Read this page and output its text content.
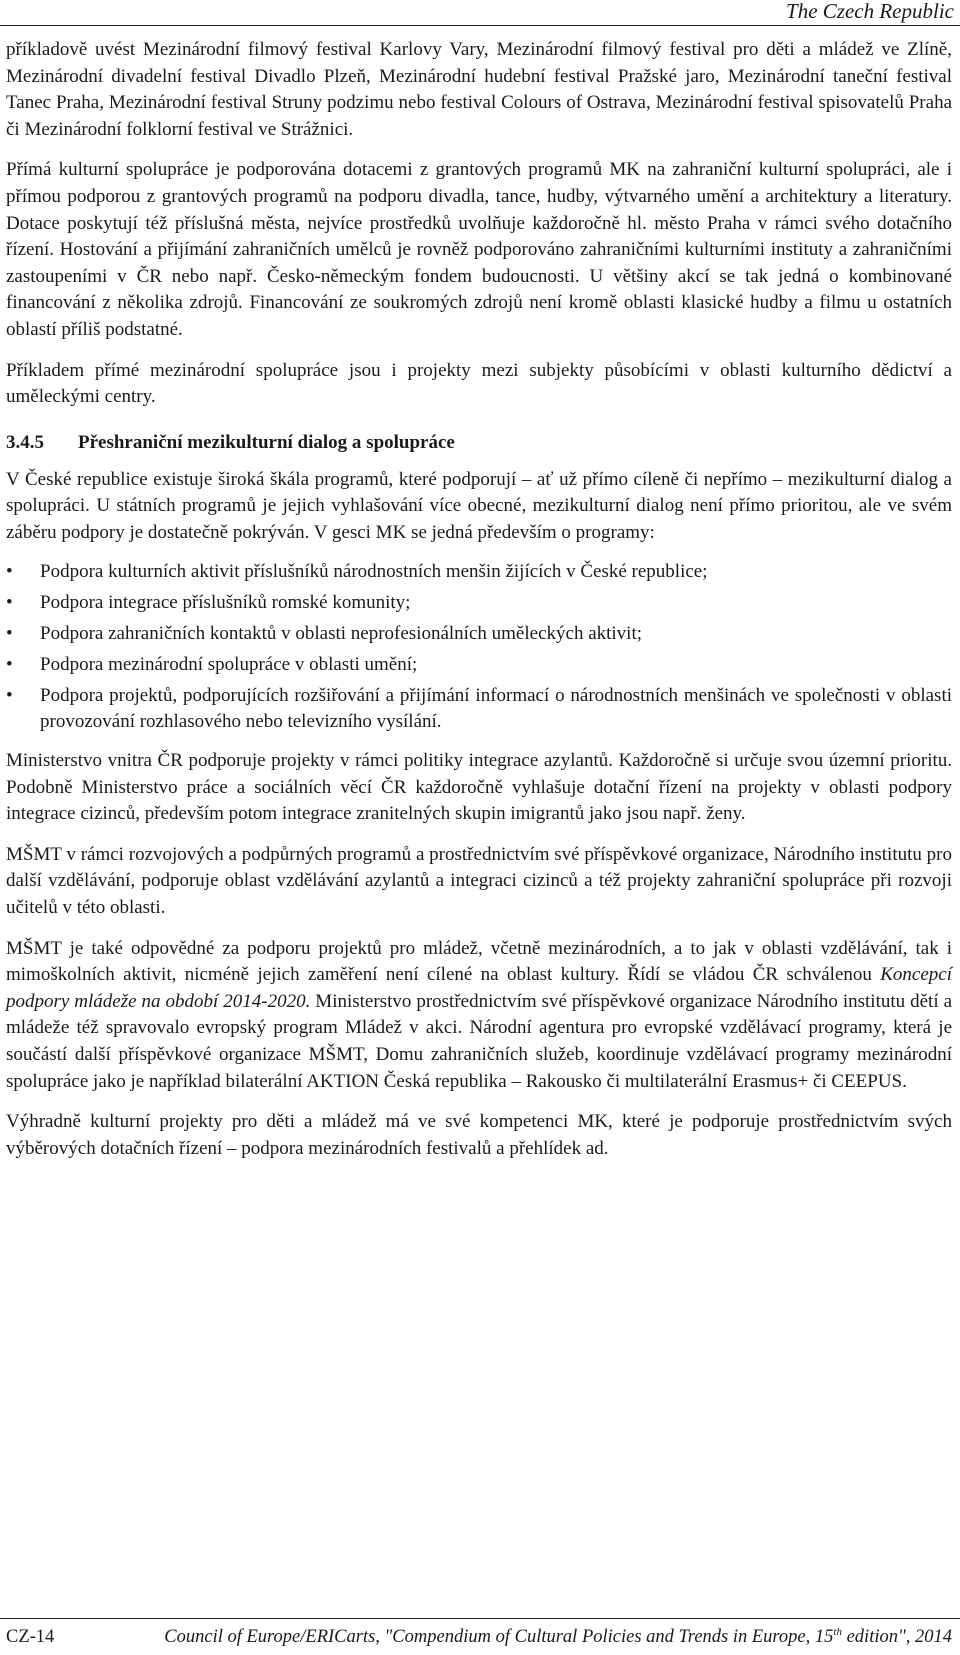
The Czech Republic

příkladově uvést Mezinárodní filmový festival Karlovy Vary, Mezinárodní filmový festival pro děti a mládež ve Zlíně, Mezinárodní divadelní festival Divadlo Plzeň, Mezinárodní hudební festival Pražské jaro, Mezinárodní taneční festival Tanec Praha, Mezinárodní festival Struny podzimu nebo festival Colours of Ostrava, Mezinárodní festival spisovatelů Praha či Mezinárodní folklorní festival ve Strážnici.

Přímá kulturní spolupráce je podporována dotacemi z grantových programů MK na zahraniční kulturní spolupráci, ale i přímou podporou z grantových programů na podporu divadla, tance, hudby, výtvarného umění a architektury a literatury. Dotace poskytují též příslušná města, nejvíce prostředků uvolňuje každoročně hl. město Praha v rámci svého dotačního řízení. Hostování a přijímání zahraničních umělců je rovněž podporováno zahraničními kulturními instituty a zahraničními zastoupeními v ČR nebo např. Česko-německým fondem budoucnosti. U většiny akcí se tak jedná o kombinované financování z několika zdrojů. Financování ze soukromých zdrojů není kromě oblasti klasické hudby a filmu u ostatních oblastí příliš podstatné.

Příkladem přímé mezinárodní spolupráce jsou i projekty mezi subjekty působícími v oblasti kulturního dědictví a uměleckými centry.

3.4.5 Přeshraniční mezikulturní dialog a spolupráce

V České republice existuje široká škála programů, které podporují – ať už přímo cíleně či nepřímo – mezikulturní dialog a spolupráci. U státních programů je jejich vyhlašování více obecné, mezikulturní dialog není přímo prioritou, ale ve svém záběru podpory je dostatečně pokrýván. V gesci MK se jedná především o programy:

•	Podpora kulturních aktivit příslušníků národnostních menšin žijících v České republice;
•	Podpora integrace příslušníků romské komunity;
•	Podpora zahraničních kontaktů v oblasti neprofesionálních uměleckých aktivit;
•	Podpora mezinárodní spolupráce v oblasti umění;
•	Podpora projektů, podporujících rozšiřování a přijímání informací o národnostních menšinách ve společnosti v oblasti provozování rozhlasového nebo televizního vysílání.

Ministerstvo vnitra ČR podporuje projekty v rámci politiky integrace azylantů. Každoročně si určuje svou územní prioritu. Podobně Ministerstvo práce a sociálních věcí ČR každoročně vyhlašuje dotační řízení na projekty v oblasti podpory integrace cizinců, především potom integrace zranitelných skupin imigrantů jako jsou např. ženy.

MŠMT v rámci rozvojových a podpůrných programů a prostřednictvím své příspěvkové organizace, Národního institutu pro další vzdělávání, podporuje oblast vzdělávání azylantů a integraci cizinců a též projekty zahraniční spolupráce při rozvoji učitelů v této oblasti.

MŠMT je také odpovědné za podporu projektů pro mládež, včetně mezinárodních, a to jak v oblasti vzdělávání, tak i mimoškolních aktivit, nicméně jejich zaměření není cílené na oblast kultury. Řídí se vládou ČR schválenou Koncepcí podpory mládeže na období 2014-2020. Ministerstvo prostřednictvím své příspěvkové organizace Národního institutu dětí a mládeže též spravovalo evropský program Mládež v akci. Národní agentura pro evropské vzdělávací programy, která je součástí další příspěvkové organizace MŠMT, Domu zahraničních služeb, koordinuje vzdělávací programy mezinárodní spolupráce jako je například bilaterální AKTION Česká republika – Rakousko či multilaterální Erasmus+ či CEEPUS.

Výhradně kulturní projekty pro děti a mládež má ve své kompetenci MK, které je podporuje prostřednictvím svých výběrových dotačních řízení – podpora mezinárodních festivalů a přehlídek ad.

CZ-14	Council of Europe/ERICarts, "Compendium of Cultural Policies and Trends in Europe, 15th edition", 2014
